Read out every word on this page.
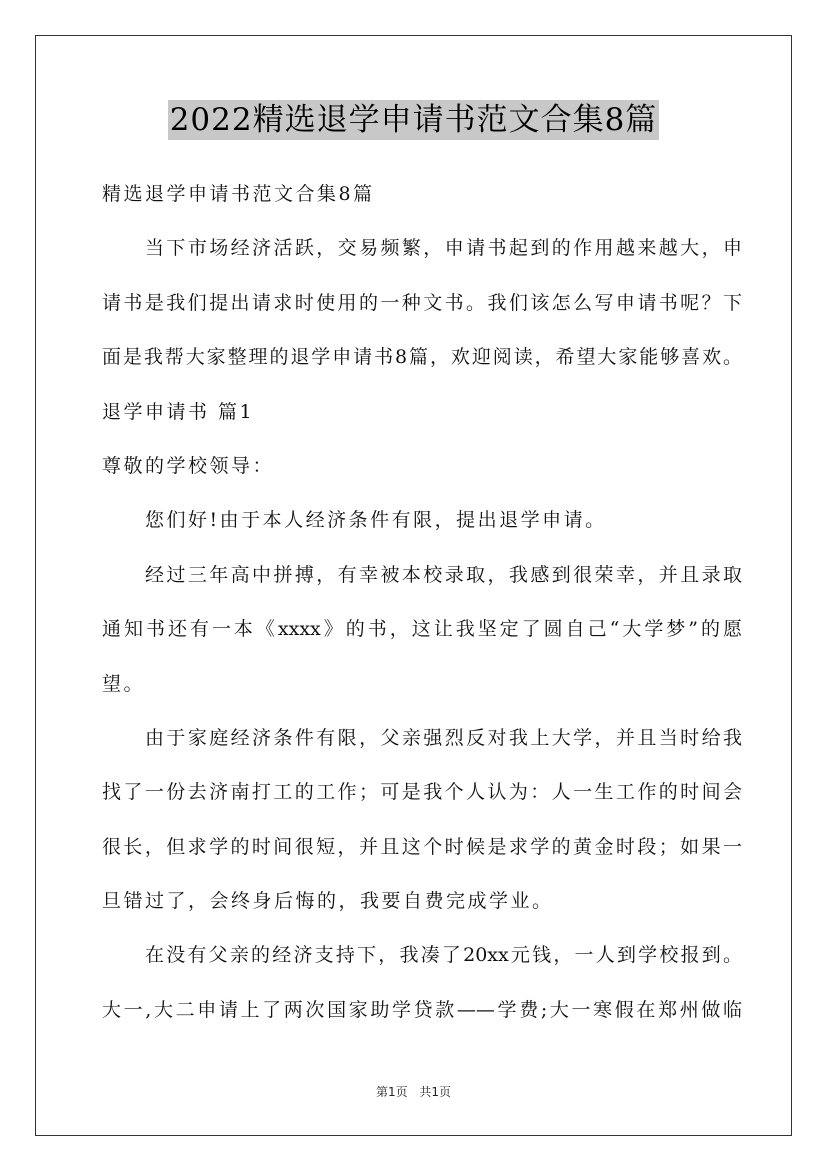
2022精选退学申请书范文合集8篇
精选退学申请书范文合集8篇
当下市场经济活跃，交易频繁，申请书起到的作用越来越大，申
请书是我们提出请求时使用的一种文书。我们该怎么写申请书呢？下
面是我帮大家整理的退学申请书8篇，欢迎阅读，希望大家能够喜欢。
退学申请书 篇1
尊敬的学校领导：
您们好!由于本人经济条件有限，提出退学申请。
经过三年高中拼搏，有幸被本校录取，我感到很荣幸，并且录取
通知书还有一本《xxxx》的书，这让我坚定了圆自己“大学梦”的愿
望。
由于家庭经济条件有限，父亲强烈反对我上大学，并且当时给我
找了一份去济南打工的工作；可是我个人认为：人一生工作的时间会
很长，但求学的时间很短，并且这个时候是求学的黄金时段；如果一
旦错过了，会终身后悔的，我要自费完成学业。
在没有父亲的经济支持下，我凑了20xx元钱，一人到学校报到。
大一,大二申请上了两次国家助学贷款——学费;大一寒假在郑州做临
第1页 共1页
